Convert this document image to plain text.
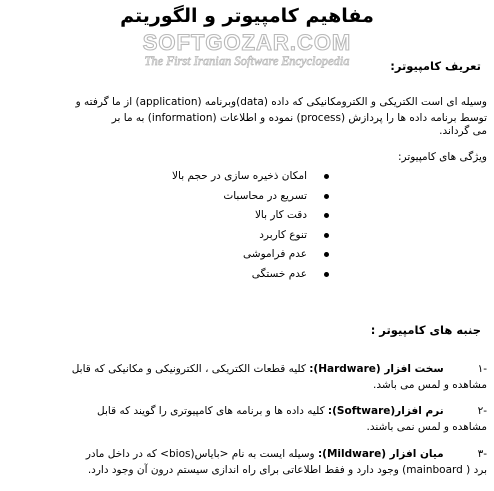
مفاهیم کامپیوتر و الگوریتم
SOFTGOZAR.COM
The First Iranian Software Encyclopedia	تعریف کامپیوتر:
وسیله ای است الکتریکی و الکترومکانیکی که داده (data)وبرنامه (application) از ما گرفته و
توسط برنامه داده ها را پردازش (process) نموده و اطلاعات (information) به ما بر
می گرداند.
ویژگی های کامپیوتر:
امکان ذخیره سازی در حجم بالا
تسریع در محاسبات
دقت کار بالا
تنوع کاربرد
عدم فراموشی
عدم خستگی
جنبه های کامپیوتر :
-١ سخت افزار (Hardware): کلیه قطعات الکتریکی ، الکترونیکی و مکانیکی که قابل
مشاهده و لمس می باشد.
-٢ نرم افزار(Software): کلیه داده ها و برنامه های کامپیوتری را گویند که قابل
مشاهده و لمس نمی باشند.
-٣ میان افزار (Mildware): وسیله ایست به نام <بایاس(bios> که در داخل مادر
برد ( mainboard) وجود دارد و فقط اطلاعاتی برای راه اندازی سیستم درون آن وجود دارد.
